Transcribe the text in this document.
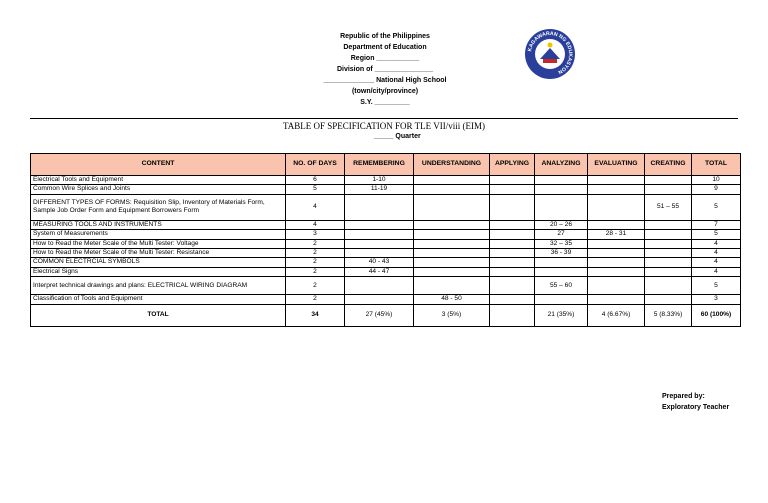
Republic of the Philippines
Department of Education
Region ___________
Division of _______________
_____________ National High School
(town/city/province)
S.Y. _________
KAGAWARAN NG EDUKASYON
TABLE OF SPECIFICATION FOR TLE VII/viii (EIM)
_____ Quarter
CONTENT	NO. OF DAYS	REMEMBERING	UNDERSTANDING	APPLYING	ANALYZING	EVALUATING	CREATING	TOTAL
Electrical Tools and Equipment	6	1-10						10
Common Wire Splices and Joints	5	11-19						9
DIFFERENT TYPES OF FORMS: Requisition Slip, Inventory of Materials Form, Sample Job Order Form and Equipment Borrowers Form	4						51 – 55	5
MEASURING TOOLS AND INSTRUMENTS	4				20 – 26			7
System of Measurements	3				27	28 - 31		5
How to Read the Meter Scale of the Multi Tester: Voltage	2				32 – 35			4
How to Read the Meter Scale of the Multi Tester: Resistance	2				36 - 39			4
COMMON ELECTRCIAL SYMBOLS	2	40 - 43						4
Electrical Signs	2	44 - 47						4
Interpret technical drawings and plans: ELECTRICAL WIRING DIAGRAM	2				55 – 60			5
Classification of Tools and Equipment	2		48 - 50					3
TOTAL	34	27 (45%)	3 (5%)		21 (35%)	4 (6.67%)	5 (8.33%)	60 (100%)
Prepared by:
Exploratory Teacher
